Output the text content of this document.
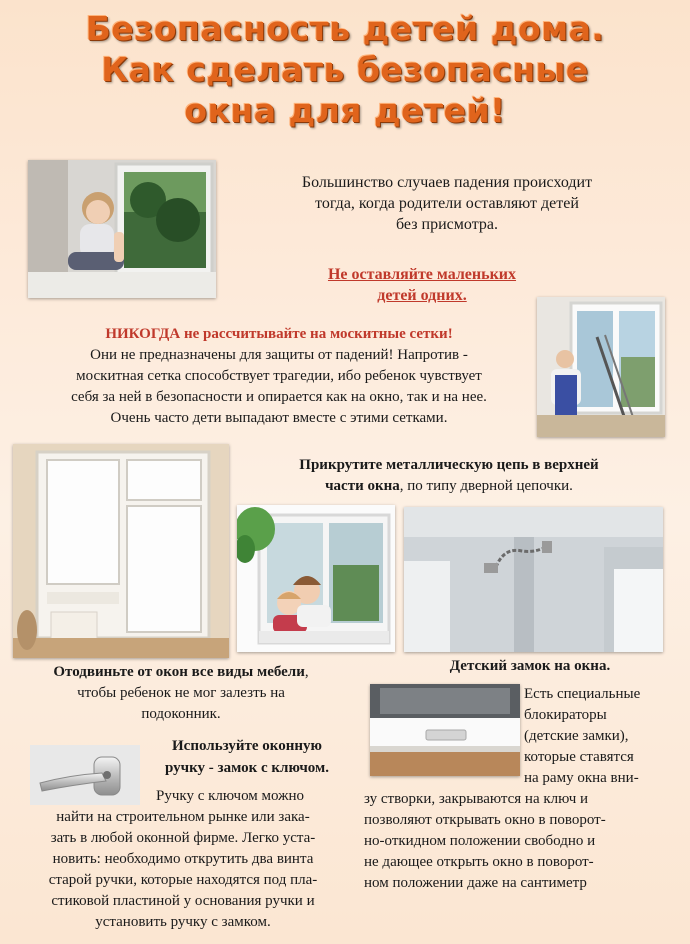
Безопасность детей дома.
Как сделать безопасные
окна для детей!
Большинство случаев падения происходит
тогда, когда родители оставляют детей
без присмотра.
Не оставляйте маленьких
детей одних.
НИКОГДА не рассчитывайте на москитные сетки!
Они не предназначены для защиты от падений! Напротив -
москитная сетка способствует трагедии, ибо ребенок чувствует
себя за ней в безопасности и опирается как на окно, так и на нее.
Очень часто дети выпадают вместе с этими сетками.
Прикрутите металлическую цепь в верхней
части окна, по типу дверной цепочки.
Отодвиньте от окон все виды мебели,
чтобы ребенок не мог залезть на
подоконник.
Детский замок на окна.
Используйте оконную
ручку - замок с ключом.
Ручку с ключом можно
найти на строительном рынке или зака-
зать в любой оконной фирме. Легко уста-
новить: необходимо открутить два винта
старой ручки, которые находятся под пла-
стиковой пластиной у основания ручки и
установить ручку с замком.
Есть специальные
блокираторы
(детские замки),
которые ставятся
на раму окна вни-
зу створки, закрываются на ключ и
позволяют открывать окно в поворот-
но-откидном положении свободно и
не дающее открыть окно в поворот-
ном положении даже на сантиметр
